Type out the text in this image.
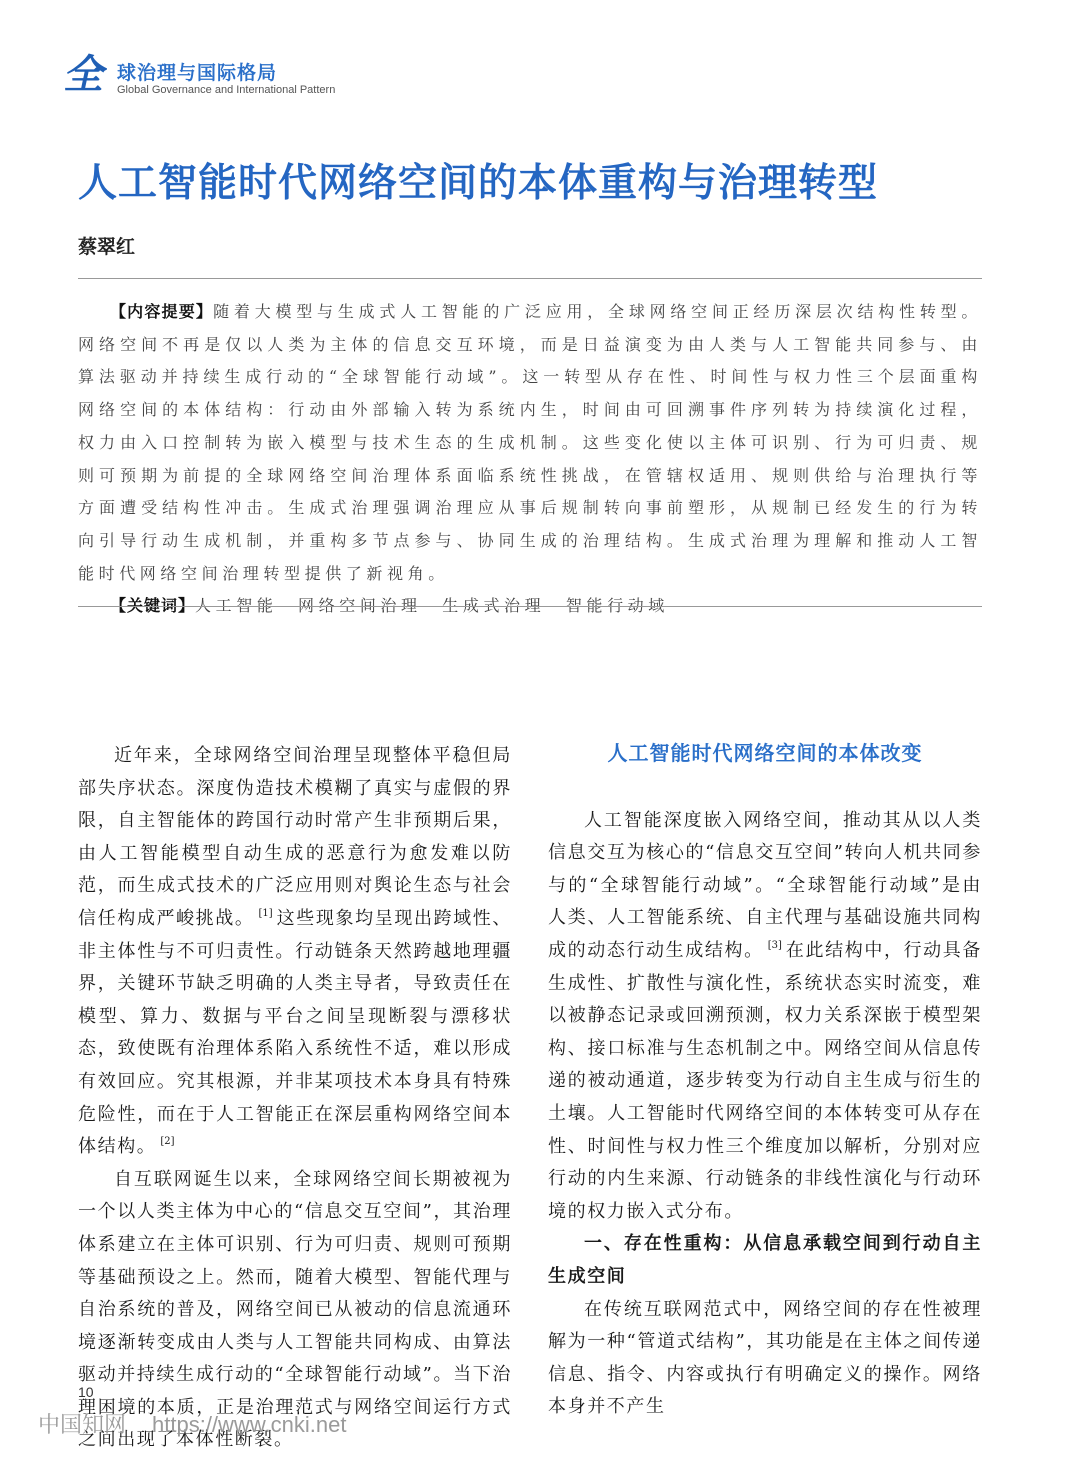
全 球治理与国际格局
Global Governance and International Pattern
人工智能时代网络空间的本体重构与治理转型
蔡翠红

【内容提要】随着大模型与生成式人工智能的广泛应用，全球网络空间正经历深层次结构性转型。网络空间不再是仅以人类为主体的信息交互环境，而是日益演变为由人类与人工智能共同参与、由算法驱动并持续生成行动的“全球智能行动域”。这一转型从存在性、时间性与权力性三个层面重构网络空间的本体结构：行动由外部输入转为系统内生，时间由可回溯事件序列转为持续演化过程，权力由入口控制转为嵌入模型与技术生态的生成机制。这些变化使以主体可识别、行为可归责、规则可预期为前提的全球网络空间治理体系面临系统性挑战，在管辖权适用、规则供给与治理执行等方面遭受结构性冲击。生成式治理强调治理应从事后规制转向事前塑形，从规制已经发生的行为转向引导行动生成机制，并重构多节点参与、协同生成的治理结构。生成式治理为理解和推动人工智能时代网络空间治理转型提供了新视角。

【关键词】人工智能  网络空间治理  生成式治理  智能行动域

近年来，全球网络空间治理呈现整体平稳但局部失序状态。深度伪造技术模糊了真实与虚假的界限，自主智能体的跨国行动时常产生非预期后果，由人工智能模型自动生成的恶意行为愈发难以防范，而生成式技术的广泛应用则对舆论生态与社会信任构成严峻挑战。 [1] 这些现象均呈现出跨域性、非主体性与不可归责性。行动链条天然跨越地理疆界，关键环节缺乏明确的人类主导者，导致责任在模型、算力、数据与平台之间呈现断裂与漂移状态，致使既有治理体系陷入系统性不适，难以形成有效回应。究其根源，并非某项技术本身具有特殊危险性，而在于人工智能正在深层重构网络空间本体结构。 [2]

自互联网诞生以来，全球网络空间长期被视为一个以人类主体为中心的“信息交互空间”，其治理体系建立在主体可识别、行为可归责、规则可预期等基础预设之上。然而，随着大模型、智能代理与自治系统的普及，网络空间已从被动的信息流通环境逐渐转变成由人类与人工智能共同构成、由算法驱动并持续生成行动的“全球智能行动域”。当下治理困境的本质，正是治理范式与网络空间运行方式之间出现了本体性断裂。

人工智能时代网络空间的本体改变

人工智能深度嵌入网络空间，推动其从以人类信息交互为核心的“信息交互空间”转向人机共同参与的“全球智能行动域”。“全球智能行动域”是由人类、人工智能系统、自主代理与基础设施共同构成的动态行动生成结构。 [3] 在此结构中，行动具备生成性、扩散性与演化性，系统状态实时流变，难以被静态记录或回溯预测，权力关系深嵌于模型架构、接口标准与生态机制之中。网络空间从信息传递的被动通道，逐步转变为行动自主生成与衍生的土壤。人工智能时代网络空间的本体转变可从存在性、时间性与权力性三个维度加以解析，分别对应行动的内生来源、行动链条的非线性演化与行动环境的权力嵌入式分布。

一、存在性重构：从信息承载空间到行动自主生成空间

在传统互联网范式中，网络空间的存在性被理解为一种“管道式结构”，其功能是在主体之间传递信息、指令、内容或执行有明确定义的操作。网络本身并不产生

10
中国知网 https://www.cnki.net
